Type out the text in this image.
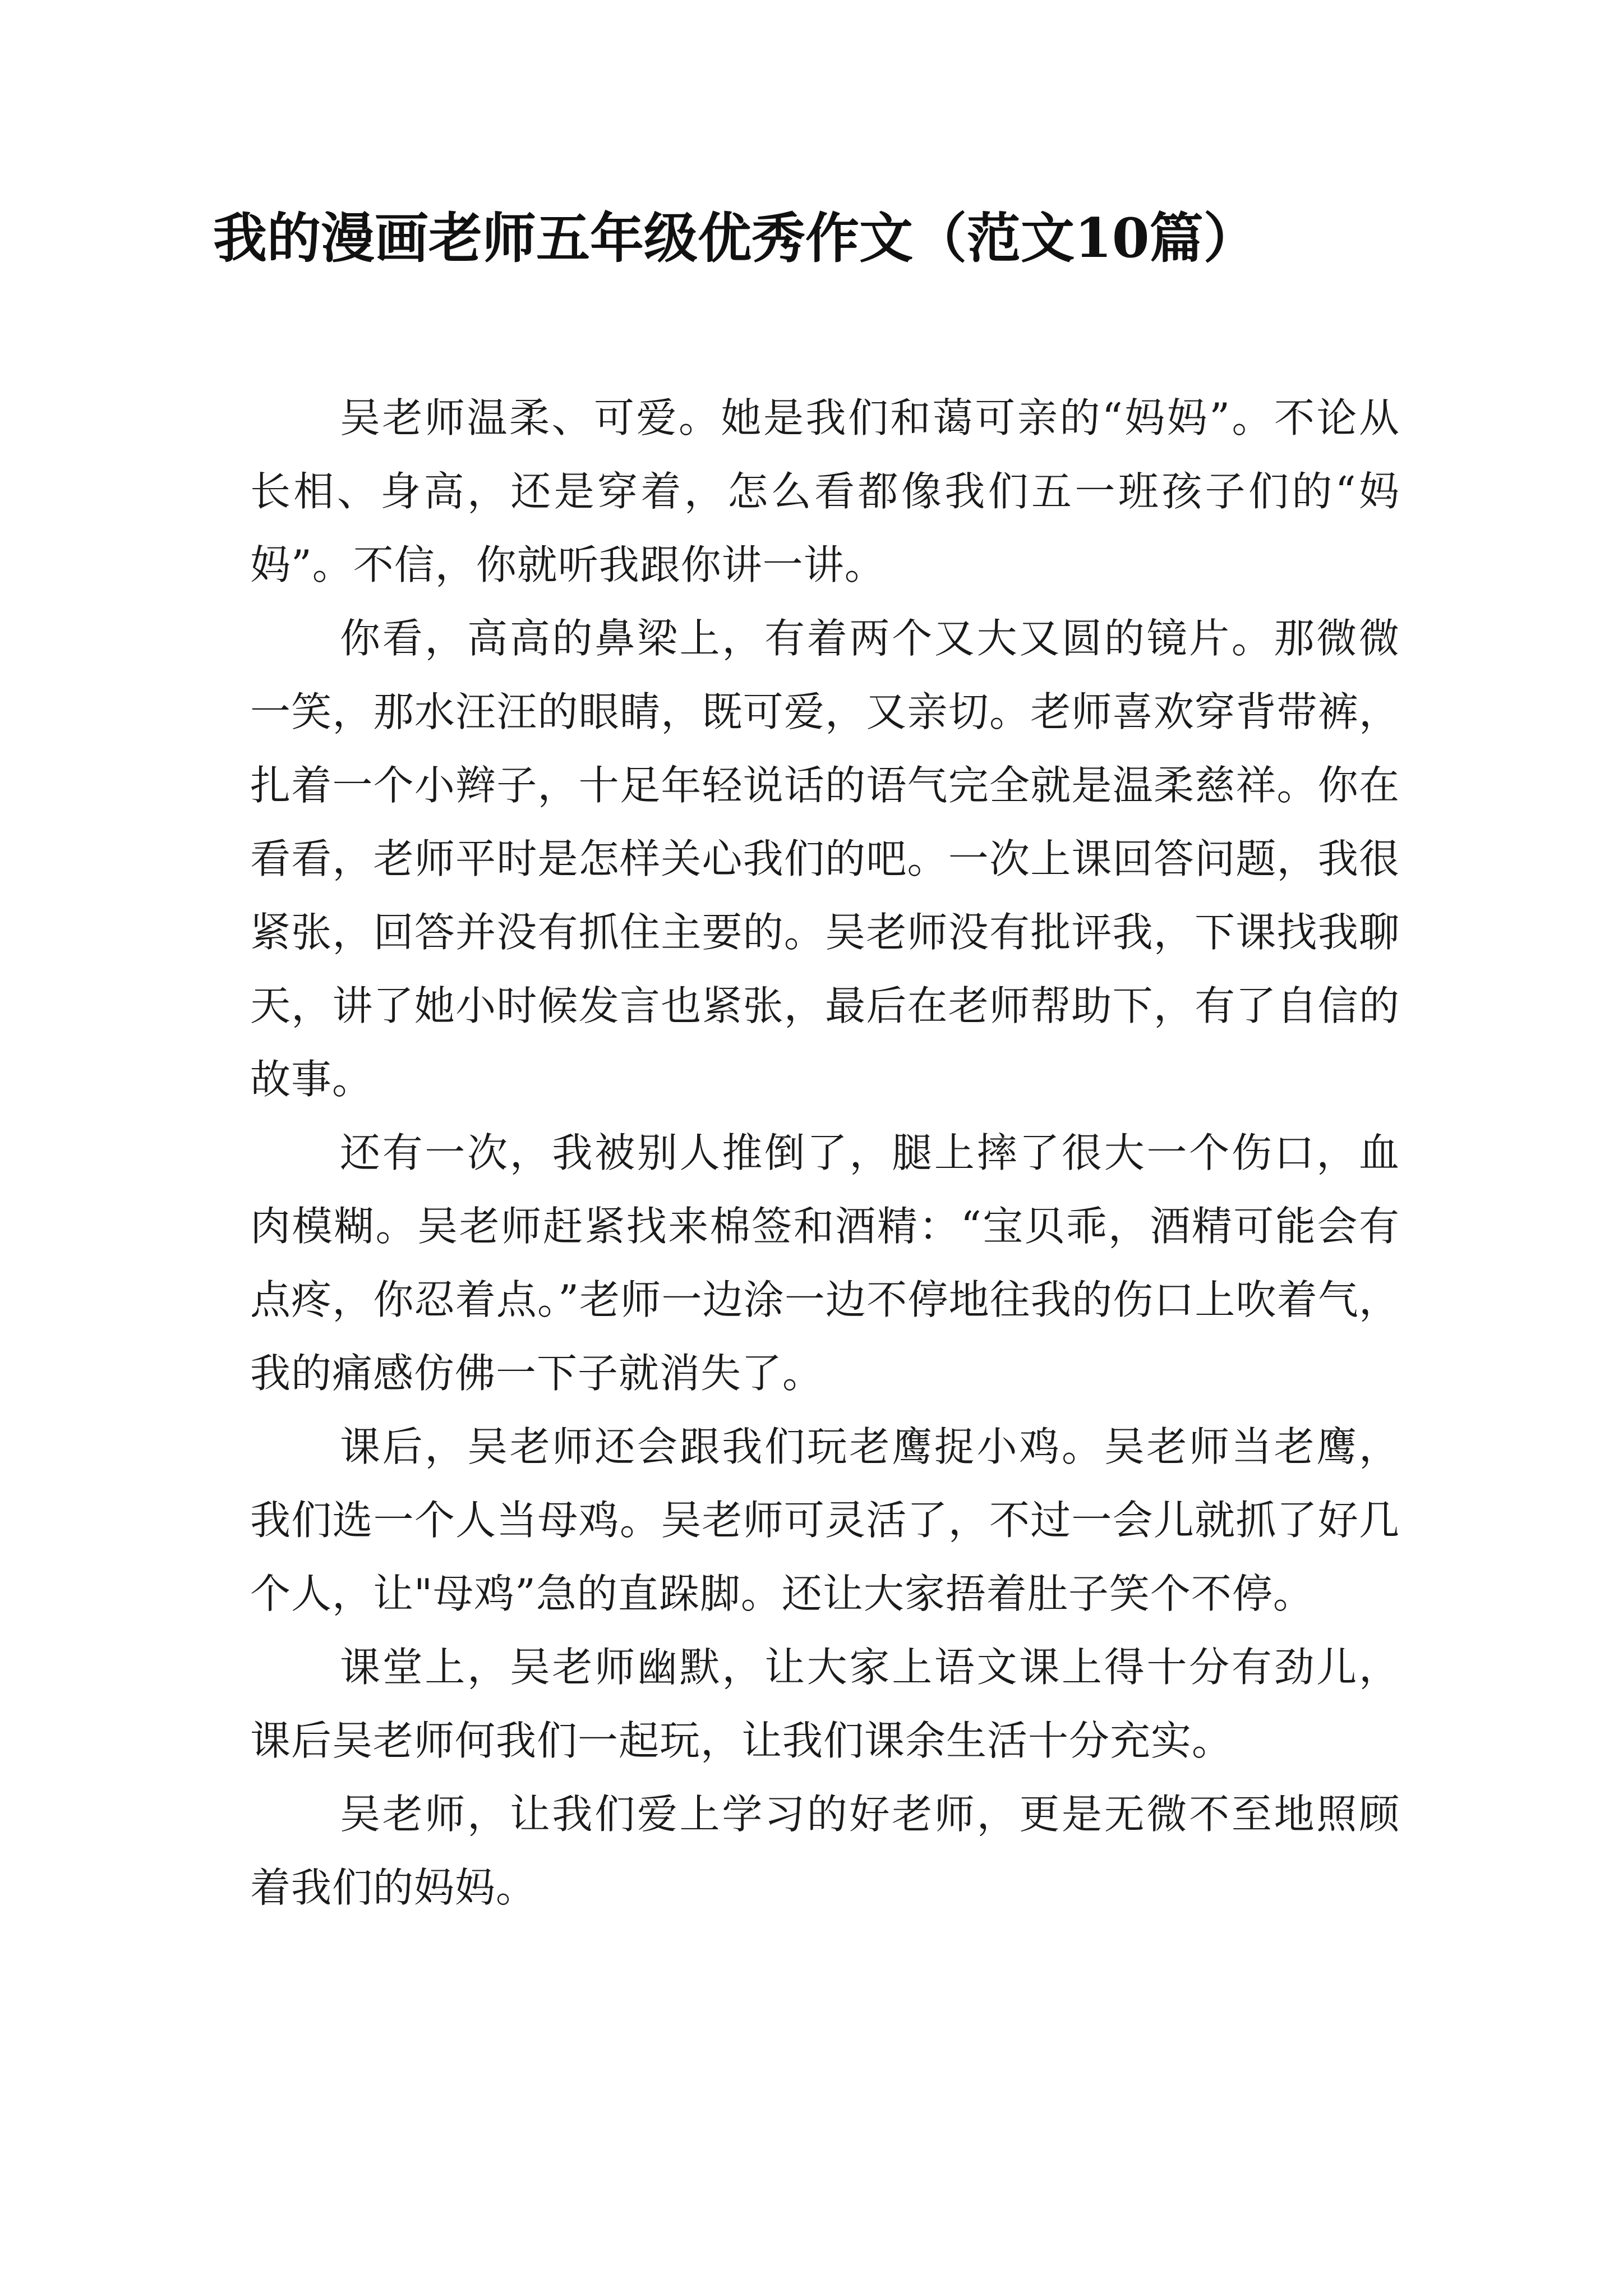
我的漫画老师五年级优秀作文（范文10篇）

吴老师温柔、可爱。她是我们和蔼可亲的“妈妈”。不论从长相、身高，还是穿着，怎么看都像我们五一班孩子们的“妈妈”。不信，你就听我跟你讲一讲。

你看，高高的鼻梁上，有着两个又大又圆的镜片。那微微一笑，那水汪汪的眼睛，既可爱，又亲切。老师喜欢穿背带裤，扎着一个小辫子，十足年轻说话的语气完全就是温柔慈祥。你在看看，老师平时是怎样关心我们的吧。一次上课回答问题，我很紧张，回答并没有抓住主要的。吴老师没有批评我，下课找我聊天，讲了她小时候发言也紧张，最后在老师帮助下，有了自信的故事。

还有一次，我被别人推倒了，腿上摔了很大一个伤口，血肉模糊。吴老师赶紧找来棉签和酒精：“宝贝乖，酒精可能会有点疼，你忍着点。”老师一边涂一边不停地往我的伤口上吹着气，我的痛感仿佛一下子就消失了。

课后，吴老师还会跟我们玩老鹰捉小鸡。吴老师当老鹰，我们选一个人当母鸡。吴老师可灵活了，不过一会儿就抓了好几个人，让"母鸡”急的直跺脚。还让大家捂着肚子笑个不停。

课堂上，吴老师幽默，让大家上语文课上得十分有劲儿，课后吴老师何我们一起玩，让我们课余生活十分充实。

吴老师，让我们爱上学习的好老师，更是无微不至地照顾着我们的妈妈。
